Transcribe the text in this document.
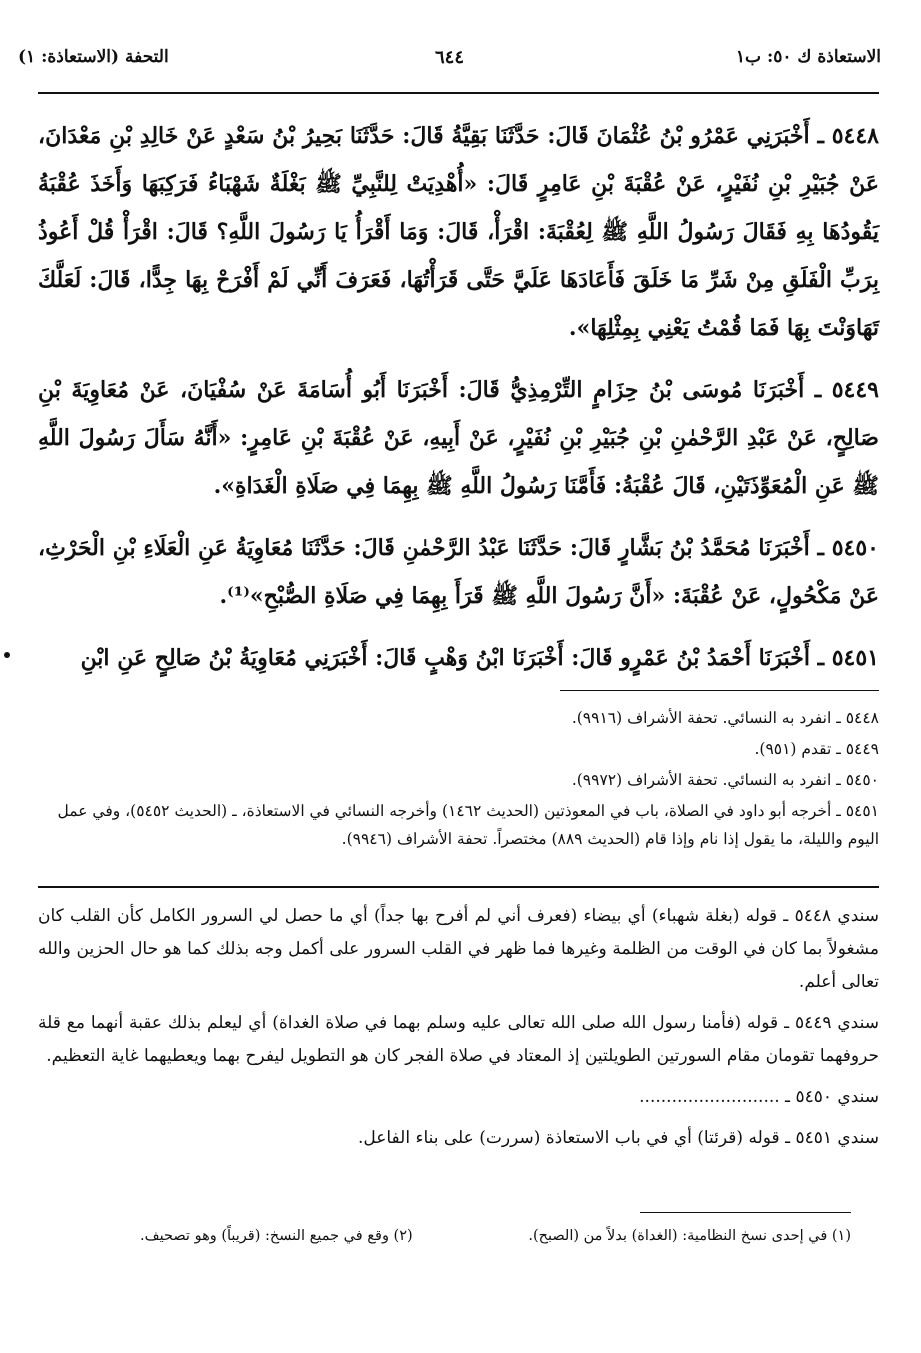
الاستعاذة ك ٥٠: ب١
٦٤٤
التحفة (الاستعاذة: ١)

٥٤٤٨ ـ أَخْبَرَنِي عَمْرُو بْنُ عُثْمَانَ قَالَ: حَدَّثَنَا بَقِيَّةُ قَالَ: حَدَّثَنَا بَحِيرُ بْنُ سَعْدٍ عَنْ خَالِدِ بْنِ مَعْدَانَ، عَنْ جُبَيْرِ بْنِ نُفَيْرٍ، عَنْ عُقْبَةَ بْنِ عَامِرٍ قَالَ: «أُهْدِيَتْ لِلنَّبِيِّ ﷺ بَغْلَةٌ شَهْبَاءُ فَرَكِبَهَا وَأَخَذَ عُقْبَةُ يَقُودُهَا بِهِ فَقَالَ رَسُولُ اللَّهِ ﷺ لِعُقْبَةَ: اقْرَأْ، قَالَ: وَمَا أَقْرَأُ يَا رَسُولَ اللَّهِ؟ قَالَ: اقْرَأْ قُلْ أَعُوذُ بِرَبِّ الْفَلَقِ مِنْ شَرِّ مَا خَلَقَ فَأَعَادَهَا عَلَيَّ حَتَّى قَرَأْتُهَا، فَعَرَفَ أَنِّي لَمْ أَفْرَحْ بِهَا جِدًّا، قَالَ: لَعَلَّكَ تَهَاوَنْتَ بِهَا فَمَا قُمْتُ يَعْنِي بِمِثْلِهَا».

٥٤٤٩ ـ أَخْبَرَنَا مُوسَى بْنُ حِزَامٍ التِّرْمِذِيُّ قَالَ: أَخْبَرَنَا أَبُو أُسَامَةَ عَنْ سُفْيَانَ، عَنْ مُعَاوِيَةَ بْنِ صَالِحٍ، عَنْ عَبْدِ الرَّحْمٰنِ بْنِ جُبَيْرِ بْنِ نُفَيْرٍ، عَنْ أَبِيهِ، عَنْ عُقْبَةَ بْنِ عَامِرٍ: «أَنَّهُ سَأَلَ رَسُولَ اللَّهِ ﷺ عَنِ الْمُعَوِّذَتَيْنِ، قَالَ عُقْبَةُ: فَأَمَّنَا رَسُولُ اللَّهِ ﷺ بِهِمَا فِي صَلَاةِ الْغَدَاةِ».

٥٤٥٠ ـ أَخْبَرَنَا مُحَمَّدُ بْنُ بَشَّارٍ قَالَ: حَدَّثَنَا عَبْدُ الرَّحْمٰنِ قَالَ: حَدَّثَنَا مُعَاوِيَةُ عَنِ الْعَلَاءِ بْنِ الْحَرْثِ، عَنْ مَكْحُولٍ، عَنْ عُقْبَةَ: «أَنَّ رَسُولَ اللَّهِ ﷺ قَرَأَ بِهِمَا فِي صَلَاةِ الصُّبْحِ»⁽¹⁾.

٥٤٥١ ـ أَخْبَرَنَا أَحْمَدُ بْنُ عَمْرٍو قَالَ: أَخْبَرَنَا ابْنُ وَهْبٍ قَالَ: أَخْبَرَنِي مُعَاوِيَةُ بْنُ صَالِحٍ عَنِ ابْنِ

٥٤٤٨ ـ انفرد به النسائي. تحفة الأشراف (٩٩١٦).

٥٤٤٩ ـ تقدم (٩٥١).

٥٤٥٠ ـ انفرد به النسائي. تحفة الأشراف (٩٩٧٢).

٥٤٥١ ـ أخرجه أبو داود في الصلاة، باب في المعوذتين (الحديث ١٤٦٢) وأخرجه النسائي في الاستعاذة، ـ (الحديث ٥٤٥٢)، وفي عمل اليوم والليلة، ما يقول إذا نام وإذا قام (الحديث ٨٨٩) مختصراً. تحفة الأشراف (٩٩٤٦).

سندي ٥٤٤٨ ـ قوله (بغلة شهباء) أي بيضاء (فعرف أني لم أفرح بها جداً) أي ما حصل لي السرور الكامل كأن القلب كان مشغولاً بما كان في الوقت من الظلمة وغيرها فما ظهر في القلب السرور على أكمل وجه بذلك كما هو حال الحزين والله تعالى أعلم.

سندي ٥٤٤٩ ـ قوله (فأمنا رسول الله صلى الله تعالى عليه وسلم بهما في صلاة الغداة) أي ليعلم بذلك عقبة أنهما مع قلة حروفهما تقومان مقام السورتين الطويلتين إذ المعتاد في صلاة الفجر كان هو التطويل ليفرح بهما ويعطيهما غاية التعظيم.

سندي ٥٤٥٠ ـ ..........................

سندي ٥٤٥١ ـ قوله (قرئتا) أي في باب الاستعاذة (سررت) على بناء الفاعل.

(١) في إحدى نسخ النظامية: (الغداة) بدلاً من (الصبح).
(٢) وقع في جميع النسخ: (قريباً) وهو تصحيف.
